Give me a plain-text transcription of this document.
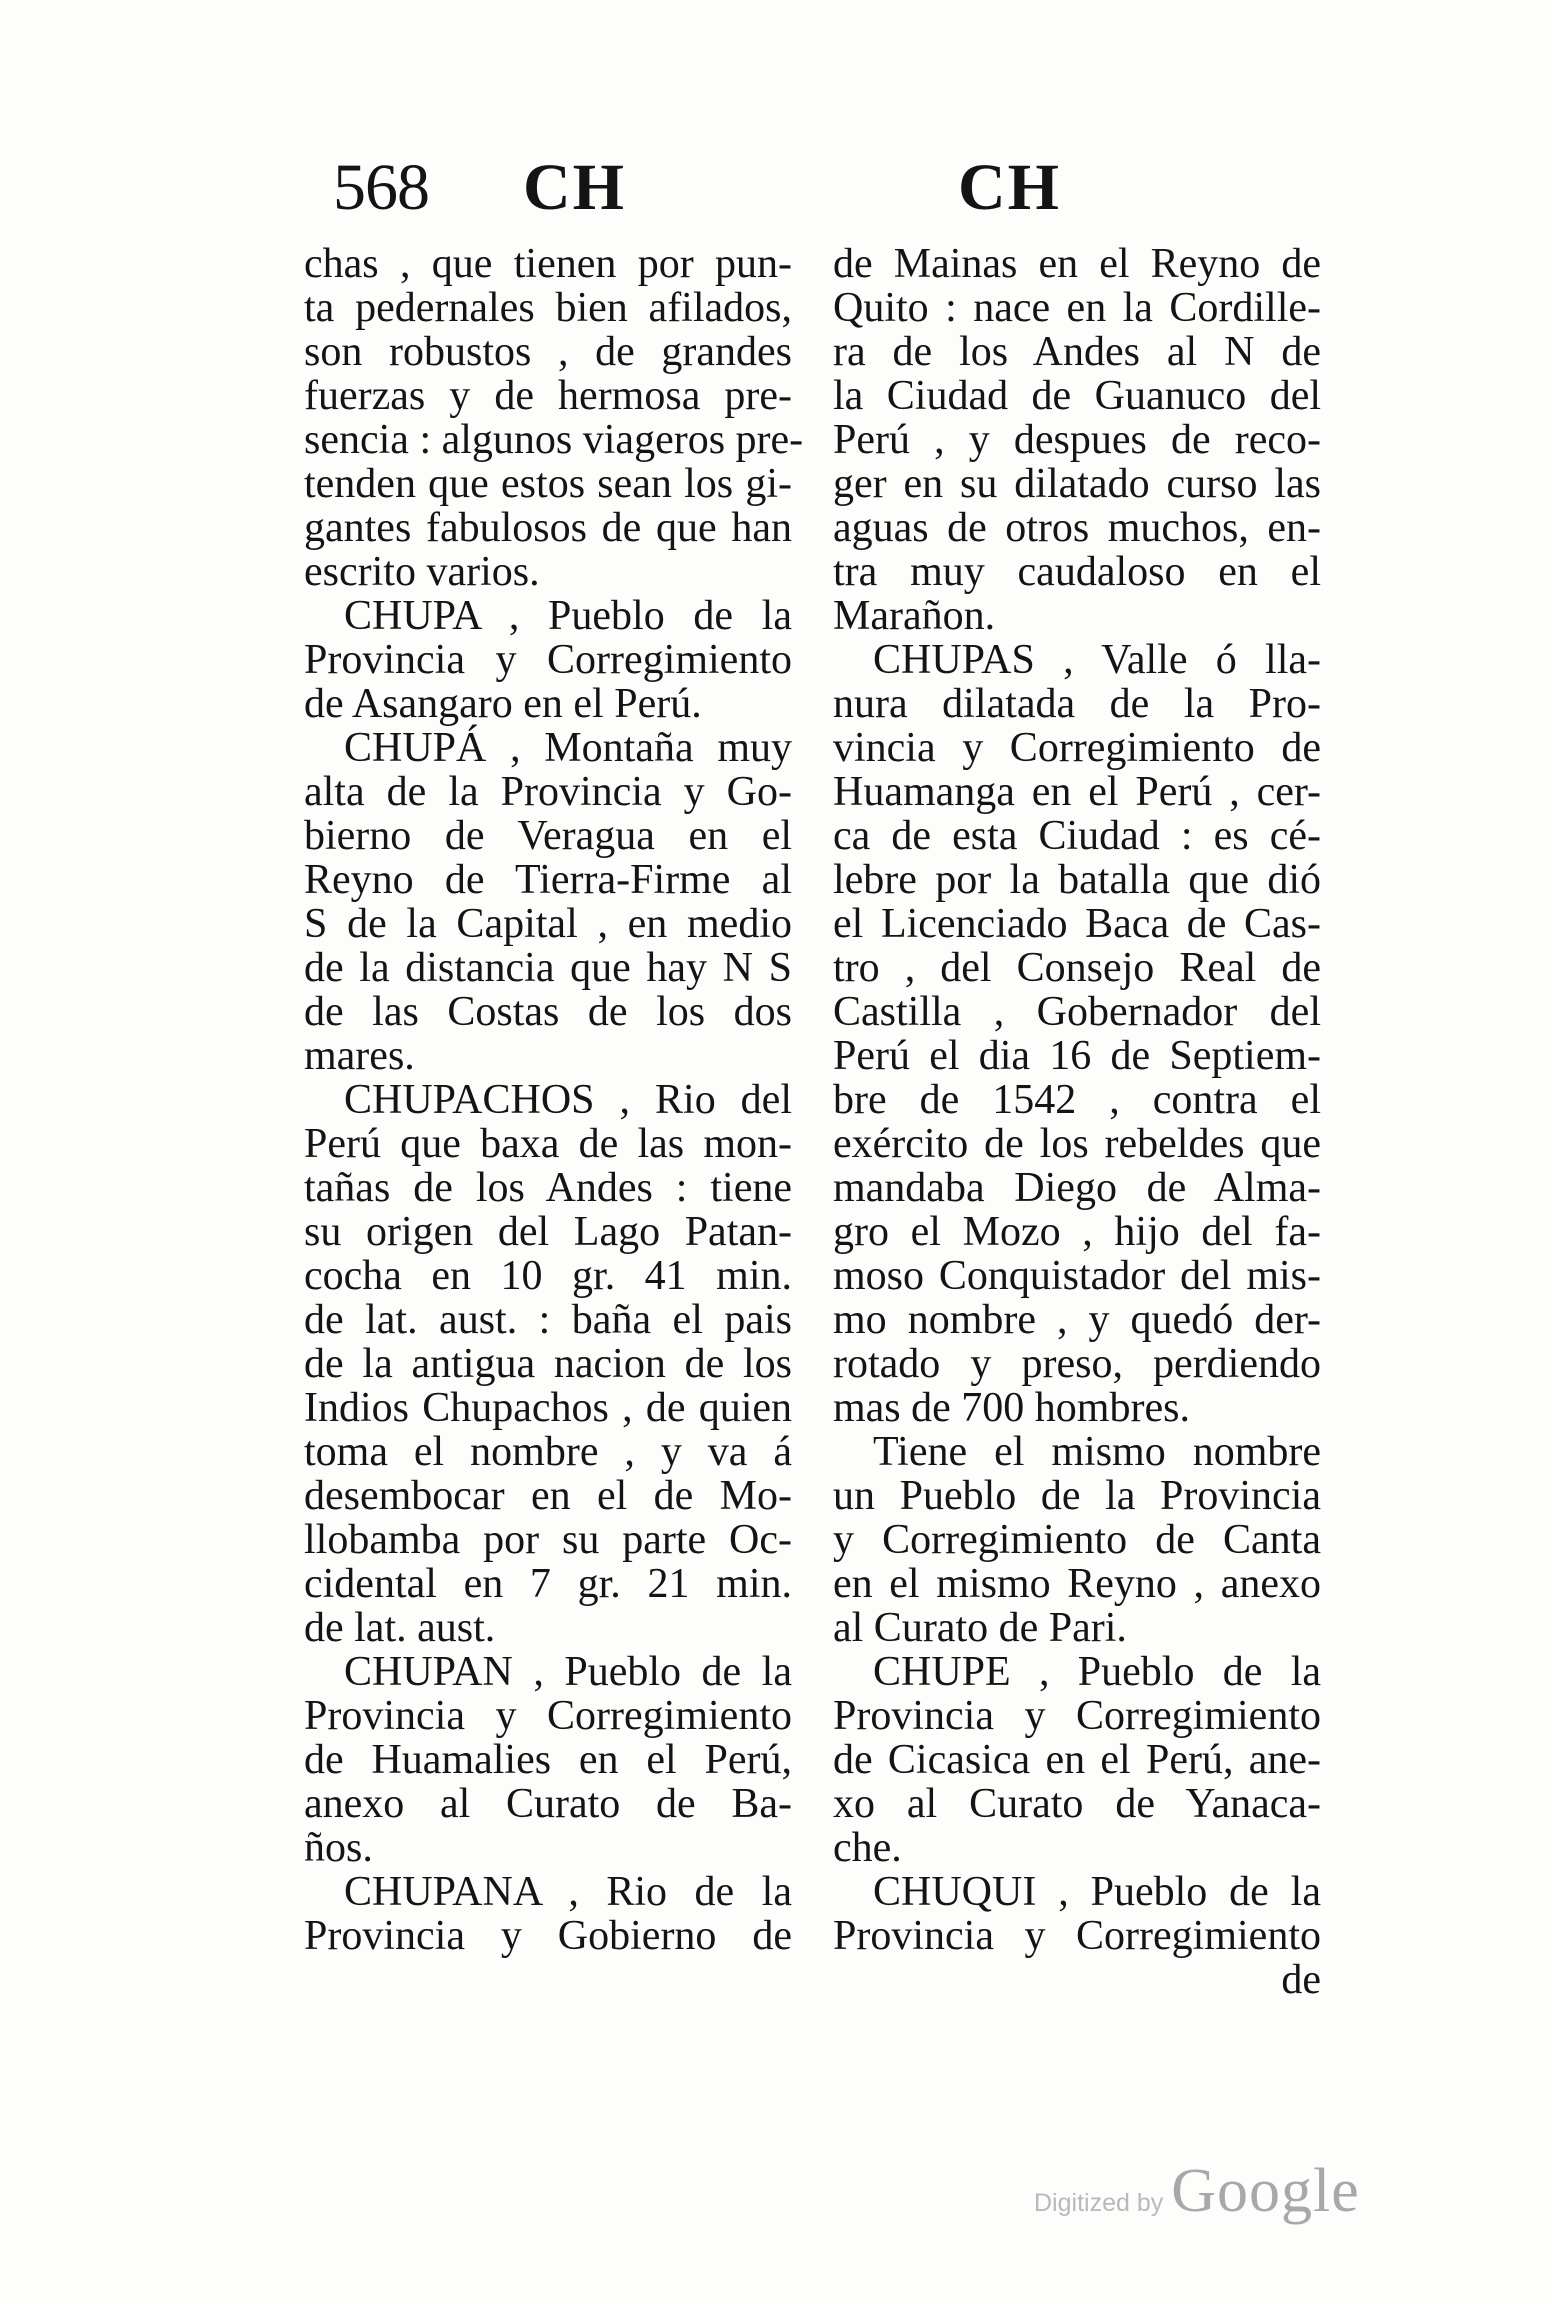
568 CH	CH
chas , que tienen por pun-
ta pedernales bien afilados,
son robustos , de grandes
fuerzas y de hermosa pre-
sencia : algunos viageros pre-
tenden que estos sean los gi-
gantes fabulosos de que han
escrito varios.
CHUPA , Pueblo de la
Provincia y Corregimiento
de Asangaro en el Perú.
CHUPÁ , Montaña muy
alta de la Provincia y Go-
bierno de Veragua en el
Reyno de Tierra-Firme al
S de la Capital , en medio
de la distancia que hay N S
de las Costas de los dos
mares.
CHUPACHOS , Rio del
Perú que baxa de las mon-
tañas de los Andes : tiene
su origen del Lago Patan-
cocha en 10 gr. 41 min.
de lat. aust. : baña el pais
de la antigua nacion de los
Indios Chupachos , de quien
toma el nombre , y va á
desembocar en el de Mo-
llobamba por su parte Oc-
cidental en 7 gr. 21 min.
de lat. aust.
CHUPAN , Pueblo de la
Provincia y Corregimiento
de Huamalies en el Perú,
anexo al Curato de Ba-
ños.
CHUPANA , Rio de la
Provincia y Gobierno de
de Mainas en el Reyno de
Quito : nace en la Cordille-
ra de los Andes al N de
la Ciudad de Guanuco del
Perú , y despues de reco-
ger en su dilatado curso las
aguas de otros muchos, en-
tra muy caudaloso en el
Marañon.
CHUPAS , Valle ó lla-
nura dilatada de la Pro-
vincia y Corregimiento de
Huamanga en el Perú , cer-
ca de esta Ciudad : es cé-
lebre por la batalla que dió
el Licenciado Baca de Cas-
tro , del Consejo Real de
Castilla , Gobernador del
Perú el dia 16 de Septiem-
bre de 1542 , contra el
exército de los rebeldes que
mandaba Diego de Alma-
gro el Mozo , hijo del fa-
moso Conquistador del mis-
mo nombre , y quedó der-
rotado y preso, perdiendo
mas de 700 hombres.
Tiene el mismo nombre
un Pueblo de la Provincia
y Corregimiento de Canta
en el mismo Reyno , anexo
al Curato de Pari.
CHUPE , Pueblo de la
Provincia y Corregimiento
de Cicasica en el Perú, ane-
xo al Curato de Yanaca-
che.
CHUQUI , Pueblo de la
Provincia y Corregimiento
de
Digitized by Google
